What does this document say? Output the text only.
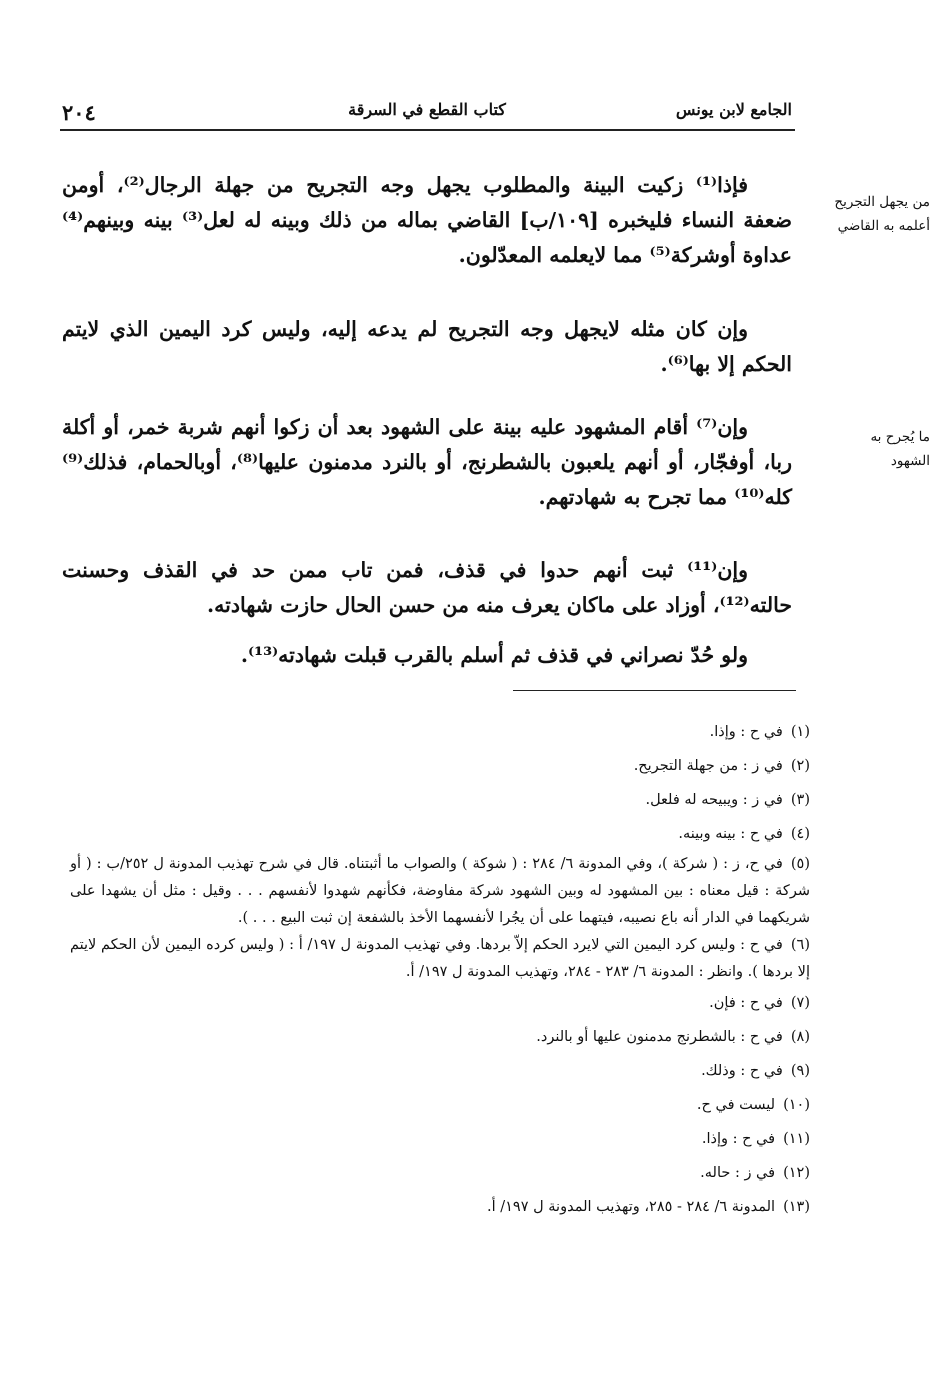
الجامع لابن يونس
كتاب القطع في السرقة
٢٠٤
من يجهل التجريح
أعلمه به القاضي
ما يُجرح به
الشهود
فإذا⁽¹⁾ زكيت البينة والمطلوب يجهل وجه التجريح من جهلة الرجال⁽²⁾، أومن ضعفة النساء فليخبره [١٠٩/ب] القاضي بماله من ذلك وبينه له لعل⁽³⁾ بينه وبينهم⁽⁴⁾ عداوة أوشركة⁽⁵⁾ مما لايعلمه المعدّلون.
وإن كان مثله لايجهل وجه التجريح لم يدعه إليه، وليس كرد اليمين الذي لايتم الحكم إلا بها⁽⁶⁾.
وإن⁽⁷⁾ أقام المشهود عليه بينة على الشهود بعد أن زكوا أنهم شربة خمر، أو أكلة ربا، أوفجّار، أو أنهم يلعبون بالشطرنج، أو بالنرد مدمنون عليها⁽⁸⁾، أوبالحمام، فذلك⁽⁹⁾ كله⁽¹⁰⁾ مما تجرح به شهادتهم.
وإن⁽¹¹⁾ ثبت أنهم حدوا في قذف، فمن تاب ممن حد في القذف وحسنت حالته⁽¹²⁾، أوزاد على ماكان يعرف منه من حسن الحال حازت شهادته.
ولو حُدّ نصراني في قذف ثم أسلم بالقرب قبلت شهادته⁽¹³⁾.

(١)في ح : وإذا.

(٢)في ز : من جهلة التجريح.

(٣)في ز : ويبيحه له فلعل.

(٤)في ح : بينه وبينه.

(٥)في ح، ز : ( شركة )، وفي المدونة ٦/ ٢٨٤ : ( شوكة ) والصواب ما أثبتناه. قال في شرح تهذيب المدونة ل ٢٥٢/ب : ( أو شركة : قيل معناه : بين المشهود له وبين الشهود شركة مفاوضة، فكأنهم شهدوا لأنفسهم . . . وقيل : مثل أن يشهدا على شريكهما في الدار أنه باع نصيبه، فيتهما على أن يجُرا لأنفسهما الأخذ بالشفعة إن ثبت البيع . . . ).

(٦)في ح : وليس كرد اليمين التي لايرد الحكم إلاّ بردها. وفي تهذيب المدونة ل ١٩٧/ أ : ( وليس كرده اليمين لأن الحكم لايتم إلا بردها ). وانظر : المدونة ٦/ ٢٨٣ - ٢٨٤، وتهذيب المدونة ل ١٩٧/ أ.

(٧)في ح : فإن.

(٨)في ح : بالشطرنج مدمنون عليها أو بالنرد.

(٩)في ح : وذلك.

(١٠)ليست في ح.

(١١)في ح : وإذا.

(١٢)في ز : حاله.

(١٣)المدونة ٦/ ٢٨٤ - ٢٨٥، وتهذيب المدونة ل ١٩٧/ أ.
